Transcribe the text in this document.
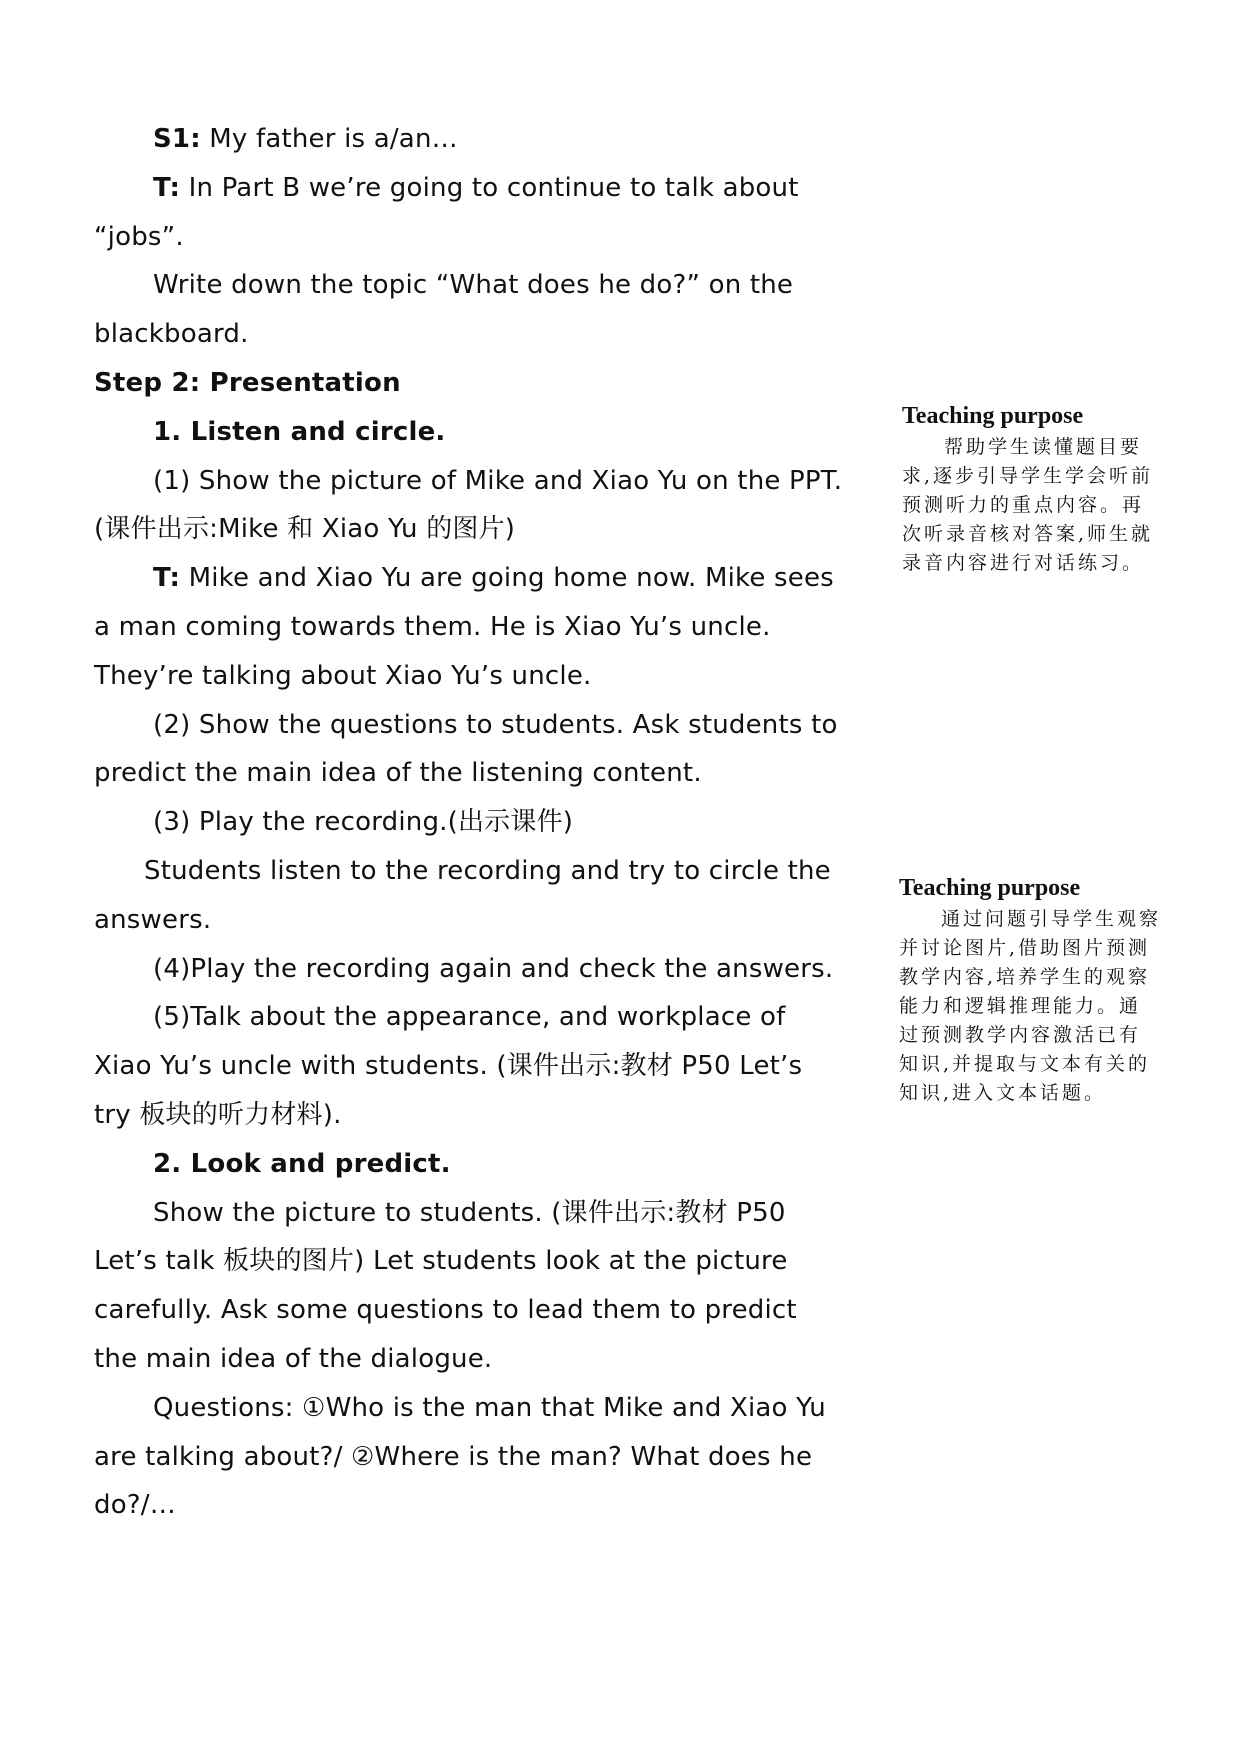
S1: My father is a/an…

T: In Part B we’re going to continue to talk about “jobs”.

Write down the topic “What does he do?” on the blackboard.

Step 2: Presentation

1. Listen and circle.

(1) Show the picture of Mike and Xiao Yu on the PPT. (课件出示:Mike 和 Xiao Yu 的图片)

T: Mike and Xiao Yu are going home now. Mike sees a man coming towards them. He is Xiao Yu’s uncle. They’re talking about Xiao Yu’s uncle.

(2) Show the questions to students. Ask students to predict the main idea of the listening content.

(3) Play the recording.(出示课件)

Students listen to the recording and try to circle the answers.

(4)Play the recording again and check the answers.

(5)Talk about the appearance, and workplace of Xiao Yu’s uncle with students. (课件出示:教材 P50 Let’s try 板块的听力材料).

2. Look and predict.

Show the picture to students. (课件出示:教材 P50 Let’s talk 板块的图片) Let students look at the picture carefully. Ask some questions to lead them to predict the main idea of the dialogue.

Questions: ①Who is the man that Mike and Xiao Yu are talking about?/ ②Where is the man? What does he do?/…

Teaching purpose

帮助学生读懂题目要求,逐步引导学生学会听前预测听力的重点内容。再次听录音核对答案,师生就录音内容进行对话练习。

Teaching purpose

通过问题引导学生观察并讨论图片,借助图片预测教学内容,培养学生的观察能力和逻辑推理能力。通过预测教学内容激活已有知识,并提取与文本有关的知识,进入文本话题。
